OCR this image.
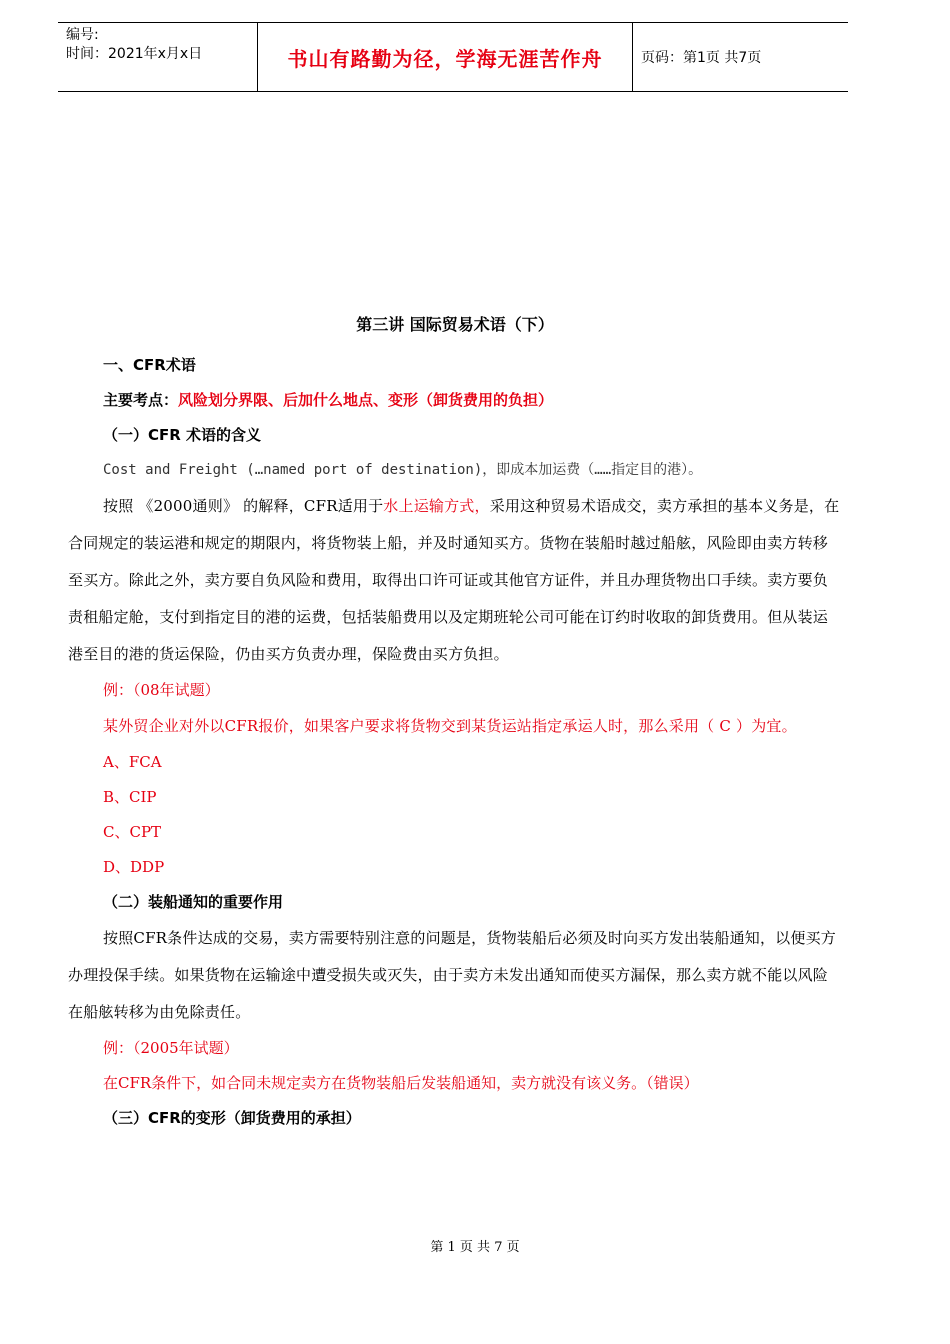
编号:
时间：2021年x月x日	书山有路勤为径，学海无涯苦作舟	页码：第1页 共7页
第三讲 国际贸易术语（下）
一、CFR术语
主要考点：风险划分界限、后加什么地点、变形（卸货费用的负担）
（一）CFR 术语的含义
Cost and Freight (…named port of destination)，即成本加运费（……指定目的港）。

按照 《2000通则》 的解释，CFR适用于水上运输方式，采用这种贸易术语成交，卖方承担的基本义务是，在合同规定的装运港和规定的期限内，将货物装上船，并及时通知买方。货物在装船时越过船舷，风险即由卖方转移至买方。除此之外，卖方要自负风险和费用，取得出口许可证或其他官方证件，并且办理货物出口手续。卖方要负责租船定舱，支付到指定目的港的运费，包括装船费用以及定期班轮公司可能在订约时收取的卸货费用。但从装运港至目的港的货运保险，仍由买方负责办理，保险费由买方负担。

例：（08年试题）

某外贸企业对外以CFR报价，如果客户要求将货物交到某货运站指定承运人时，那么采用（ C ）为宜。

A、FCA
B、CIP
C、CPT
D、DDP
（二）装船通知的重要作用

按照CFR条件达成的交易，卖方需要特别注意的问题是，货物装船后必须及时向买方发出装船通知，以便买方办理投保手续。如果货物在运输途中遭受损失或灭失，由于卖方未发出通知而使买方漏保，那么卖方就不能以风险在船舷转移为由免除责任。

例：（2005年试题）
在CFR条件下，如合同未规定卖方在货物装船后发装船通知，卖方就没有该义务。（错误）
（三）CFR的变形（卸货费用的承担）
第 1 页 共 7 页
